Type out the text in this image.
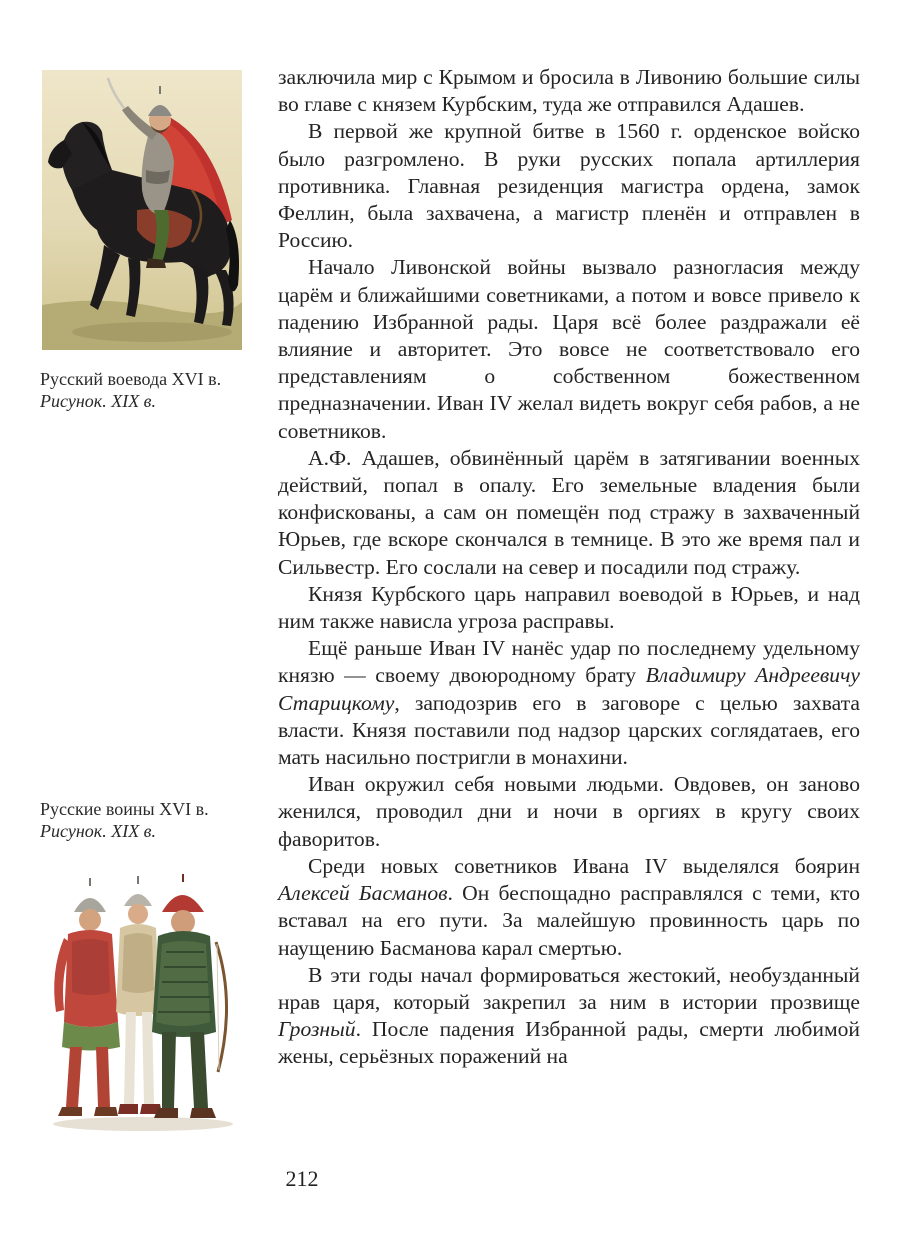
Русский воевода XVI в.
Рисунок. XIX в.
Русские воины XVI в.
Рисунок. XIX в.

заключила мир с Крымом и бросила в Ливонию большие силы во главе с князем Курбским, туда же отправился Адашев.

В первой же крупной битве в 1560 г. орденское войско было разгромлено. В руки русских попала артиллерия противника. Главная резиденция магистра ордена, замок Феллин, была захвачена, а магистр пленён и отправлен в Россию.

Начало Ливонской войны вызвало разногласия между царём и ближайшими советниками, а потом и вовсе привело к падению Избранной рады. Царя всё более раздражали её влияние и авторитет. Это вовсе не соответствовало его представлениям о собственном божественном предназначении. Иван IV желал видеть вокруг себя рабов, а не советников.

А.Ф. Адашев, обвинённый царём в затягивании военных действий, попал в опалу. Его земельные владения были конфискованы, а сам он помещён под стражу в захваченный Юрьев, где вскоре скончался в темнице. В это же время пал и Сильвестр. Его сослали на север и посадили под стражу.

Князя Курбского царь направил воеводой в Юрьев, и над ним также нависла угроза расправы.

Ещё раньше Иван IV нанёс удар по последнему удельному князю — своему двоюродному брату Владимиру Андреевичу Старицкому, заподозрив его в заговоре с целью захвата власти. Князя поставили под надзор царских соглядатаев, его мать насильно постригли в монахини.

Иван окружил себя новыми людьми. Овдовев, он заново женился, проводил дни и ночи в оргиях в кругу своих фаворитов.

Среди новых советников Ивана IV выделялся боярин Алексей Басманов. Он беспощадно расправлялся с теми, кто вставал на его пути. За малейшую провинность царь по наущению Басманова карал смертью.

В эти годы начал формироваться жестокий, необузданный нрав царя, который закрепил за ним в истории прозвище Грозный. После падения Избранной рады, смерти любимой жены, серьёзных поражений на

212
